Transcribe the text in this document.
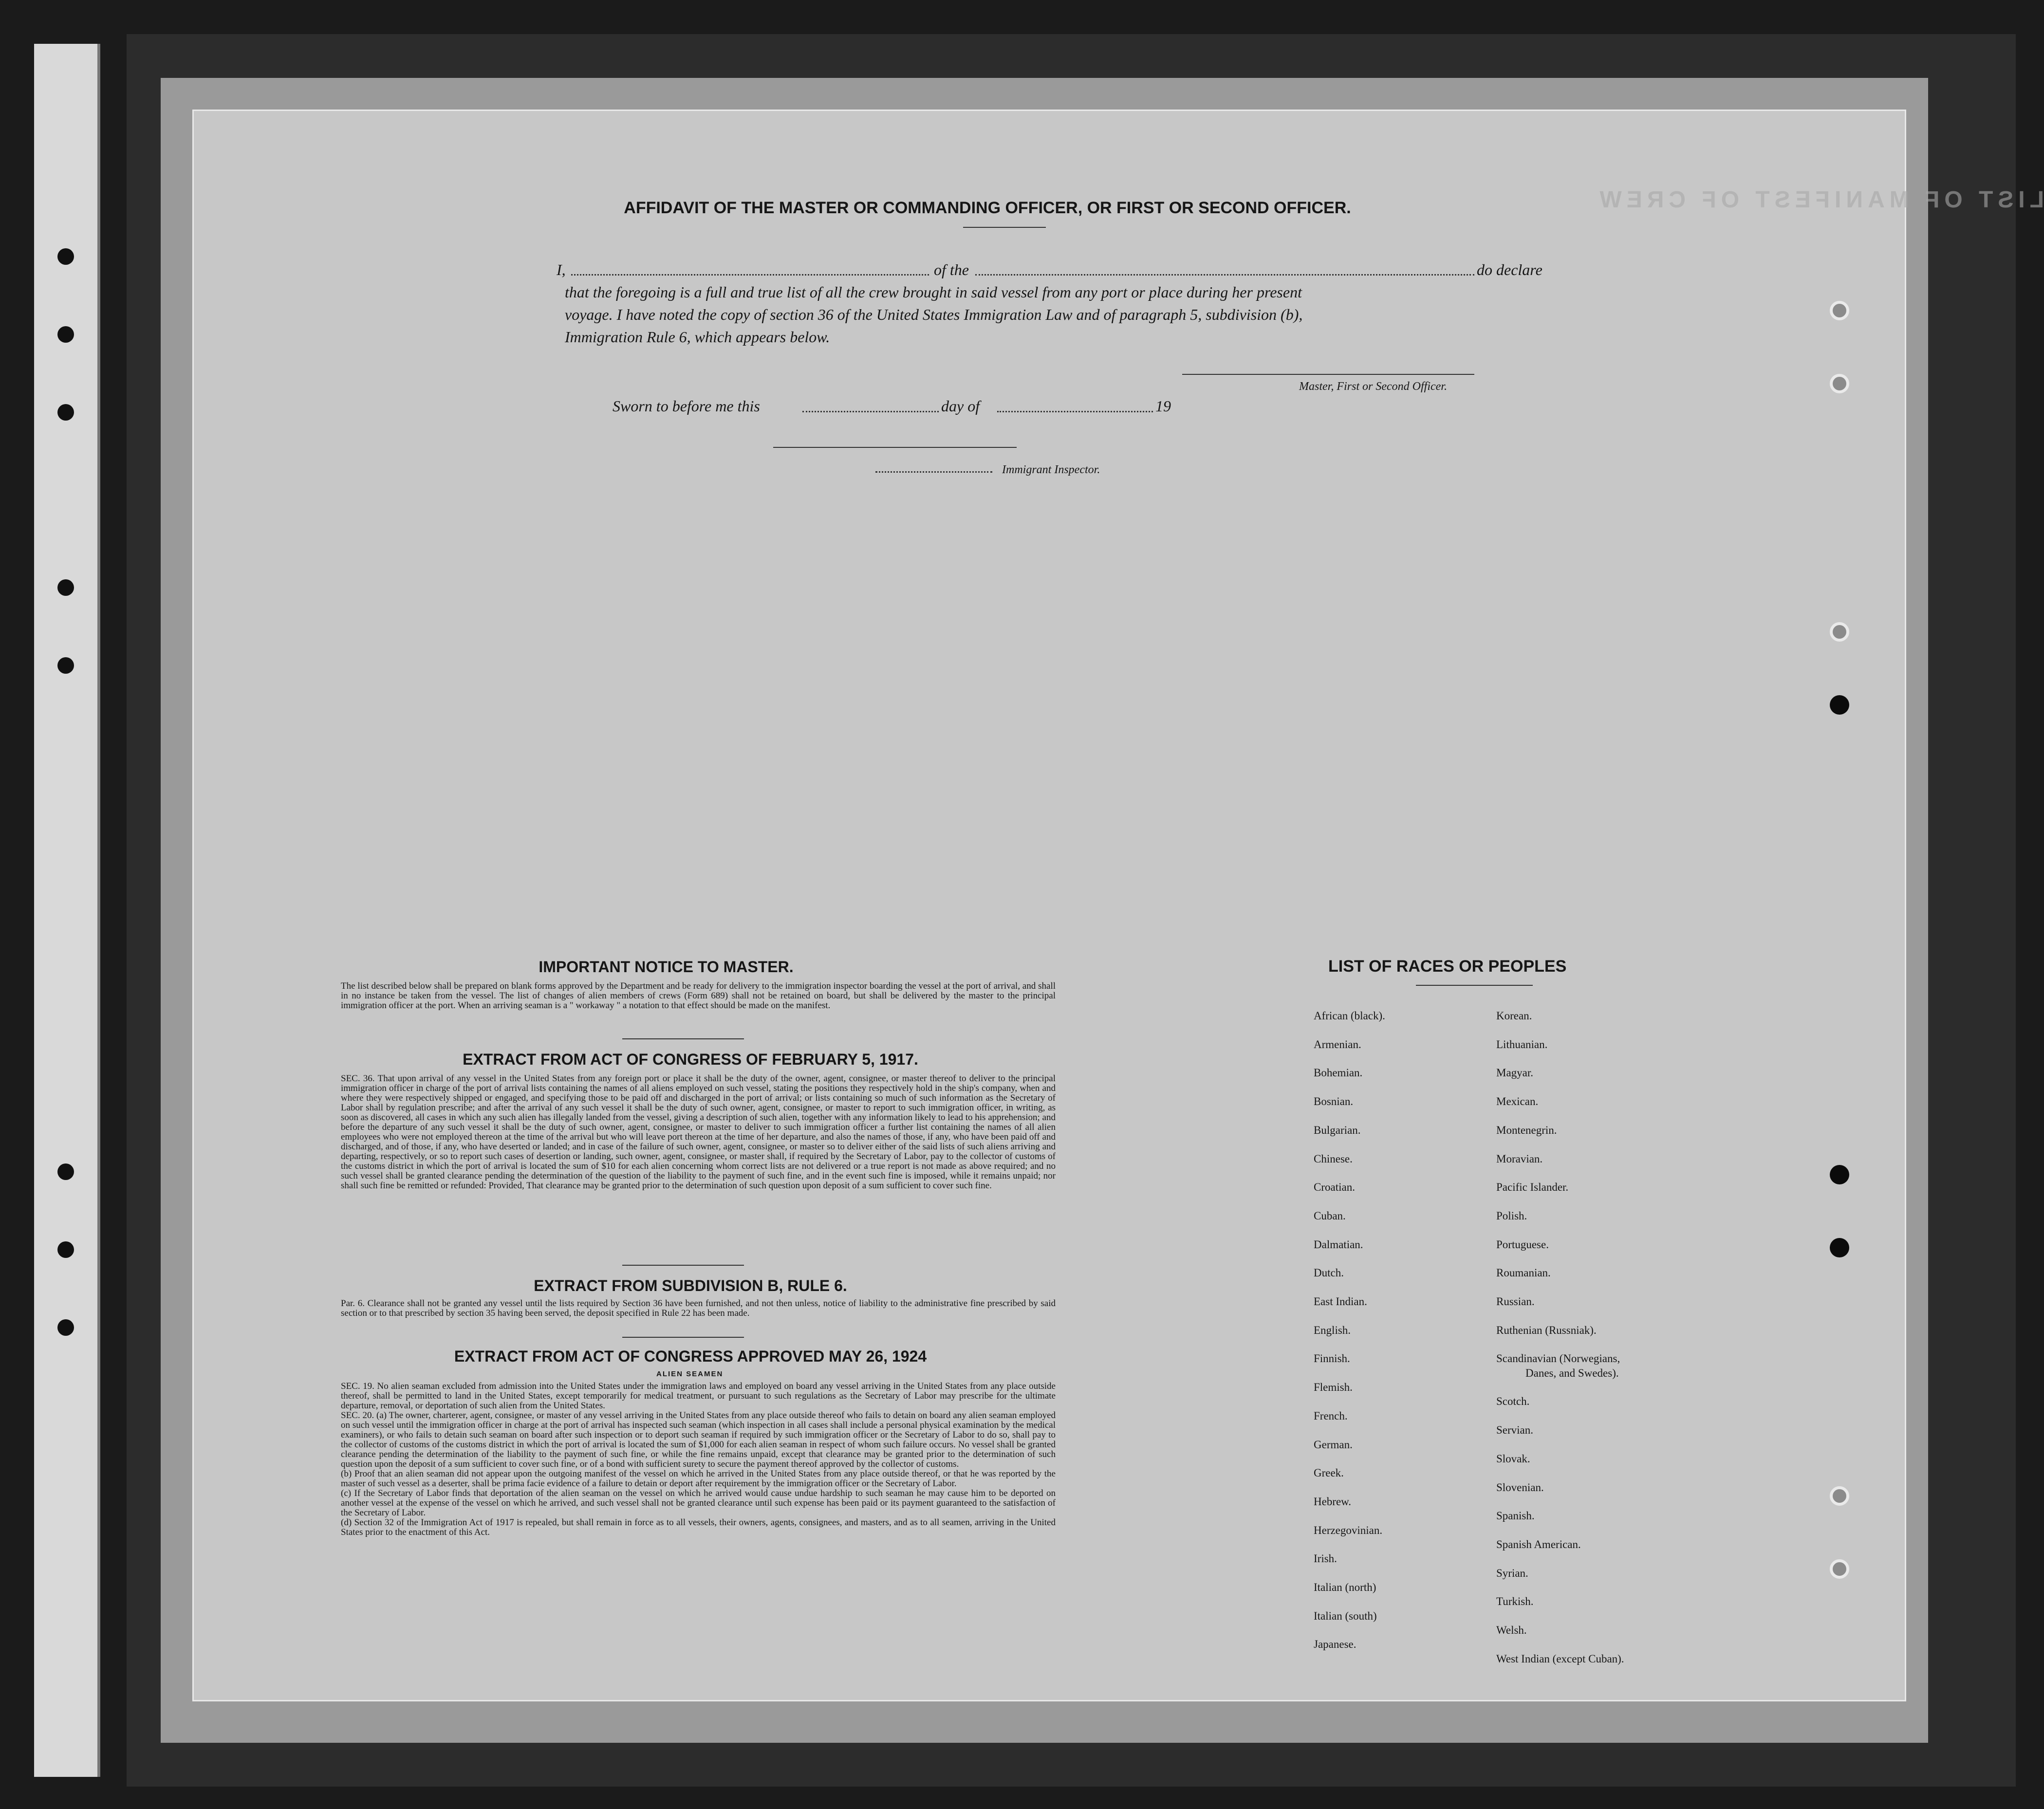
LIST OF MANIFEST OF CREW
AFFIDAVIT OF THE MASTER OR COMMANDING OFFICER, OR FIRST OR SECOND OFFICER.
I,	of the	do declare
that the foregoing is a full and true list of all the crew brought in said vessel from any port or place during her present
voyage. I have noted the copy of section 36 of the United States Immigration Law and of paragraph 5, subdivision (b),
Immigration Rule 6, which appears below.
Master, First or Second Officer.
Sworn to before me this	day of	19
Immigrant Inspector.
IMPORTANT NOTICE TO MASTER.
The list described below shall be prepared on blank forms approved by the Department and be ready for delivery to the immigration inspector boarding the vessel at the port of arrival, and shall in no instance be taken from the vessel. The list of changes of alien members of crews (Form 689) shall not be retained on board, but shall be delivered by the master to the principal immigration officer at the port. When an arriving seaman is a " workaway " a notation to that effect should be made on the manifest.
EXTRACT FROM ACT OF CONGRESS OF FEBRUARY 5, 1917.
SEC. 36. That upon arrival of any vessel in the United States from any foreign port or place it shall be the duty of the owner, agent, consignee, or master thereof to deliver to the principal immigration officer in charge of the port of arrival lists containing the names of all aliens employed on such vessel, stating the positions they respectively hold in the ship's company, when and where they were respectively shipped or engaged, and specifying those to be paid off and discharged in the port of arrival; or lists containing so much of such information as the Secretary of Labor shall by regulation prescribe; and after the arrival of any such vessel it shall be the duty of such owner, agent, consignee, or master to report to such immigration officer, in writing, as soon as discovered, all cases in which any such alien has illegally landed from the vessel, giving a description of such alien, together with any information likely to lead to his apprehension; and before the departure of any such vessel it shall be the duty of such owner, agent, consignee, or master to deliver to such immigration officer a further list containing the names of all alien employees who were not employed thereon at the time of the arrival but who will leave port thereon at the time of her departure, and also the names of those, if any, who have been paid off and discharged, and of those, if any, who have deserted or landed; and in case of the failure of such owner, agent, consignee, or master so to deliver either of the said lists of such aliens arriving and departing, respectively, or so to report such cases of desertion or landing, such owner, agent, consignee, or master shall, if required by the Secretary of Labor, pay to the collector of customs of the customs district in which the port of arrival is located the sum of $10 for each alien concerning whom correct lists are not delivered or a true report is not made as above required; and no such vessel shall be granted clearance pending the determination of the question of the liability to the payment of such fine, and in the event such fine is imposed, while it remains unpaid; nor shall such fine be remitted or refunded: Provided, That clearance may be granted prior to the determination of such question upon deposit of a sum sufficient to cover such fine.
EXTRACT FROM SUBDIVISION B, RULE 6.
Par. 6. Clearance shall not be granted any vessel until the lists required by Section 36 have been furnished, and not then unless, notice of liability to the administrative fine prescribed by said section or to that prescribed by section 35 having been served, the deposit specified in Rule 22 has been made.
EXTRACT FROM ACT OF CONGRESS APPROVED MAY 26, 1924
ALIEN SEAMEN
SEC. 19. No alien seaman excluded from admission into the United States under the immigration laws and employed on board any vessel arriving in the United States from any place outside thereof, shall be permitted to land in the United States, except temporarily for medical treatment, or pursuant to such regulations as the Secretary of Labor may prescribe for the ultimate departure, removal, or deportation of such alien from the United States.
SEC. 20. (a) The owner, charterer, agent, consignee, or master of any vessel arriving in the United States from any place outside thereof who fails to detain on board any alien seaman employed on such vessel until the immigration officer in charge at the port of arrival has inspected such seaman (which inspection in all cases shall include a personal physical examination by the medical examiners), or who fails to detain such seaman on board after such inspection or to deport such seaman if required by such immigration officer or the Secretary of Labor to do so, shall pay to the collector of customs of the customs district in which the port of arrival is located the sum of $1,000 for each alien seaman in respect of whom such failure occurs. No vessel shall be granted clearance pending the determination of the liability to the payment of such fine, or while the fine remains unpaid, except that clearance may be granted prior to the determination of such question upon the deposit of a sum sufficient to cover such fine, or of a bond with sufficient surety to secure the payment thereof approved by the collector of customs.
(b) Proof that an alien seaman did not appear upon the outgoing manifest of the vessel on which he arrived in the United States from any place outside thereof, or that he was reported by the master of such vessel as a deserter, shall be prima facie evidence of a failure to detain or deport after requirement by the immigration officer or the Secretary of Labor.
(c) If the Secretary of Labor finds that deportation of the alien seaman on the vessel on which he arrived would cause undue hardship to such seaman he may cause him to be deported on another vessel at the expense of the vessel on which he arrived, and such vessel shall not be granted clearance until such expense has been paid or its payment guaranteed to the satisfaction of the Secretary of Labor.
(d) Section 32 of the Immigration Act of 1917 is repealed, but shall remain in force as to all vessels, their owners, agents, consignees, and masters, and as to all seamen, arriving in the United States prior to the enactment of this Act.
LIST OF RACES OR PEOPLES
African (black).
Armenian.
Bohemian.
Bosnian.
Bulgarian.
Chinese.
Croatian.
Cuban.
Dalmatian.
Dutch.
East Indian.
English.
Finnish.
Flemish.
French.
German.
Greek.
Hebrew.
Herzegovinian.
Irish.
Italian (north)
Italian (south)
Japanese.
Korean.
Lithuanian.
Magyar.
Mexican.
Montenegrin.
Moravian.
Pacific Islander.
Polish.
Portuguese.
Roumanian.
Russian.
Ruthenian (Russniak).
Scandinavian (Norwegians,
Danes, and Swedes).
Scotch.
Servian.
Slovak.
Slovenian.
Spanish.
Spanish American.
Syrian.
Turkish.
Welsh.
West Indian (except Cuban).
